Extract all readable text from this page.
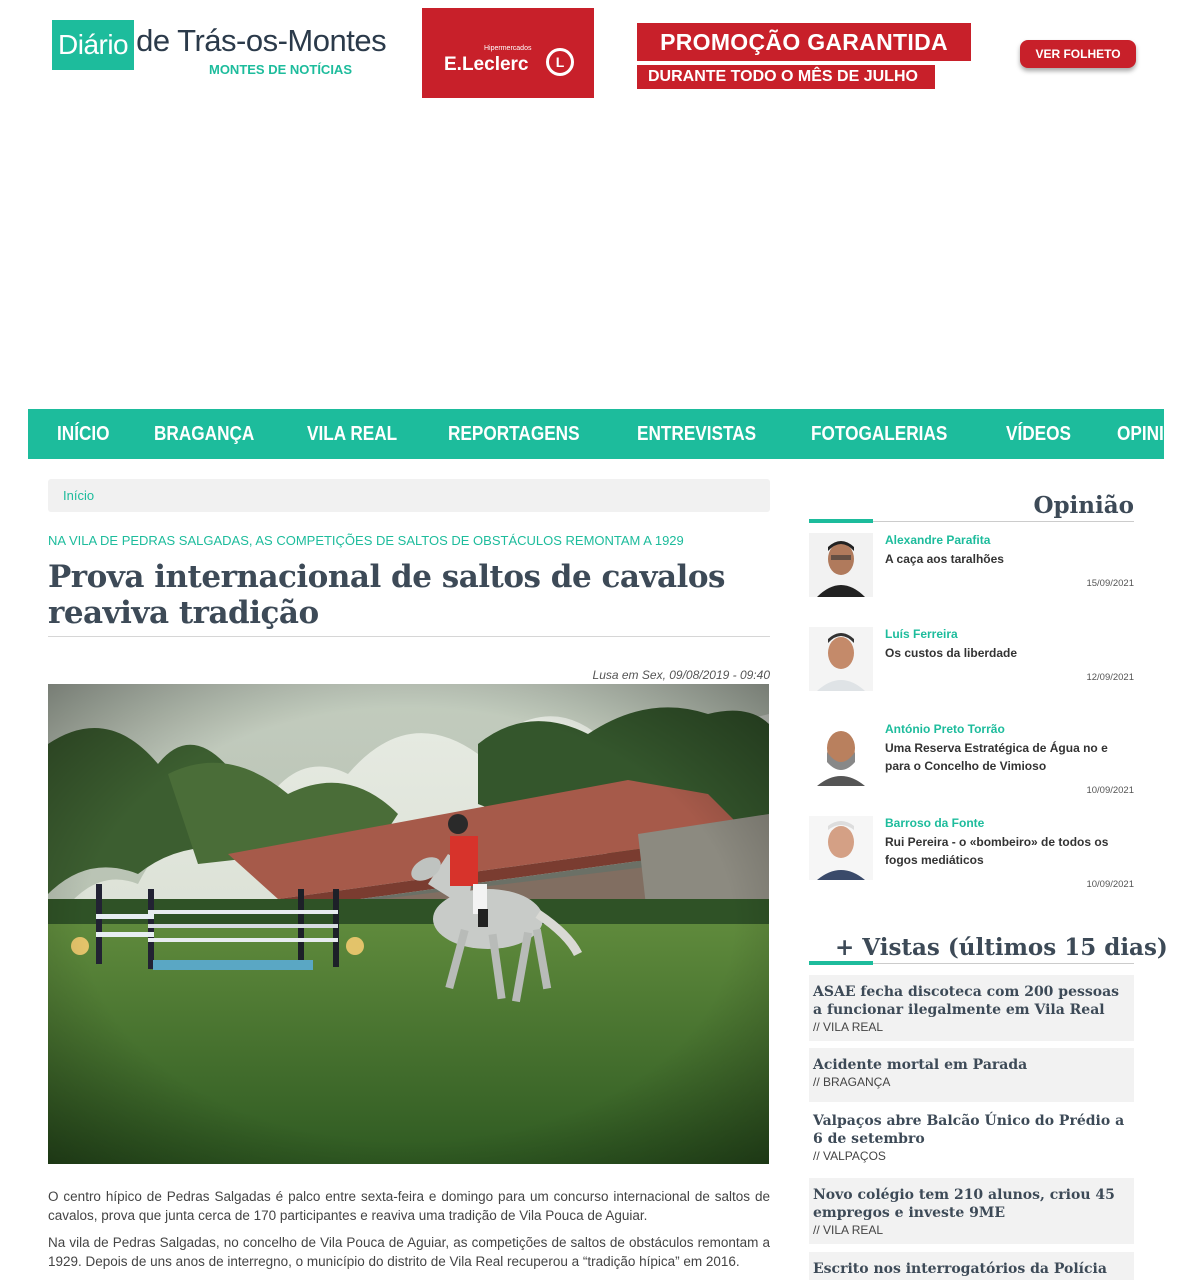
Diário de Trás-os-Montes
MONTES DE NOTÍCIAS
Hipermercados
E.Leclerc	L
PROMOÇÃO GARANTIDA
DURANTE TODO O MÊS DE JULHO
VER FOLHETO
INÍCIO BRAGANÇA	VILA REAL	REPORTAGENS	ENTREVISTAS	FOTOGALERIAS	VÍDEOS OPINIÃO
Início
NA VILA DE PEDRAS SALGADAS, AS COMPETIÇÕES DE SALTOS DE OBSTÁCULOS REMONTAM A 1929
Prova internacional de saltos de cavalos reaviva tradição
Lusa em Sex, 09/08/2019 - 09:40

O centro hípico de Pedras Salgadas é palco entre sexta-feira e domingo para um concurso internacional de saltos de cavalos, prova que junta cerca de 170 participantes e reaviva uma tradição de Vila Pouca de Aguiar.

Na vila de Pedras Salgadas, no concelho de Vila Pouca de Aguiar, as competições de saltos de obstáculos remontam a 1929. Depois de uns anos de interregno, o município do distrito de Vila Real recuperou a “tradição hípica” em 2016.

Opinião
Alexandre Parafita
A caça aos taralhões
15/09/2021
Luís Ferreira
Os custos da liberdade
12/09/2021
António Preto Torrão
Uma Reserva Estratégica de Água no e para o Concelho de Vimioso
10/09/2021
Barroso da Fonte
Rui Pereira - o «bombeiro» de todos os fogos mediáticos
10/09/2021
+ Vistas (últimos 15 dias)
ASAE fecha discoteca com 200 pessoas a funcionar ilegalmente em Vila Real
// VILA REAL
Acidente mortal em Parada
// BRAGANÇA
Valpaços abre Balcão Único do Prédio a 6 de setembro
// VALPAÇOS
Novo colégio tem 210 alunos, criou 45 empregos e investe 9ME
// VILA REAL
Escrito nos interrogatórios da Polícia
